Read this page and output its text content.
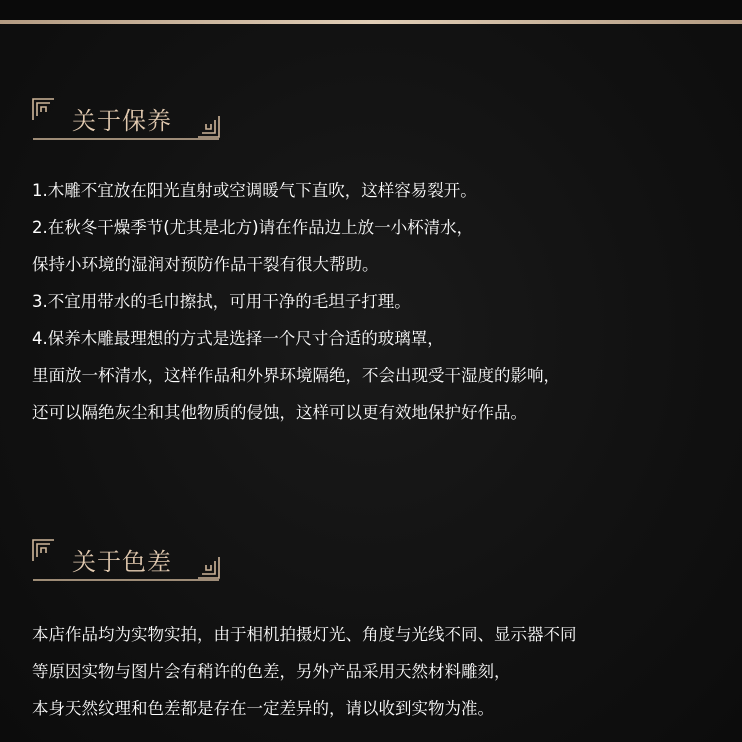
关于保养
1.木雕不宜放在阳光直射或空调暖气下直吹，这样容易裂开。
2.在秋冬干燥季节(尤其是北方)请在作品边上放一小杯清水，
保持小环境的湿润对预防作品干裂有很大帮助。
3.不宜用带水的毛巾擦拭，可用干净的毛坦子打理。
4.保养木雕最理想的方式是选择一个尺寸合适的玻璃罩，
里面放一杯清水，这样作品和外界环境隔绝，不会出现受干湿度的影响，
还可以隔绝灰尘和其他物质的侵蚀，这样可以更有效地保护好作品。
关于色差
本店作品均为实物实拍，由于相机拍摄灯光、角度与光线不同、显示器不同
等原因实物与图片会有稍许的色差，另外产品采用天然材料雕刻，
本身天然纹理和色差都是存在一定差异的，请以收到实物为准。
